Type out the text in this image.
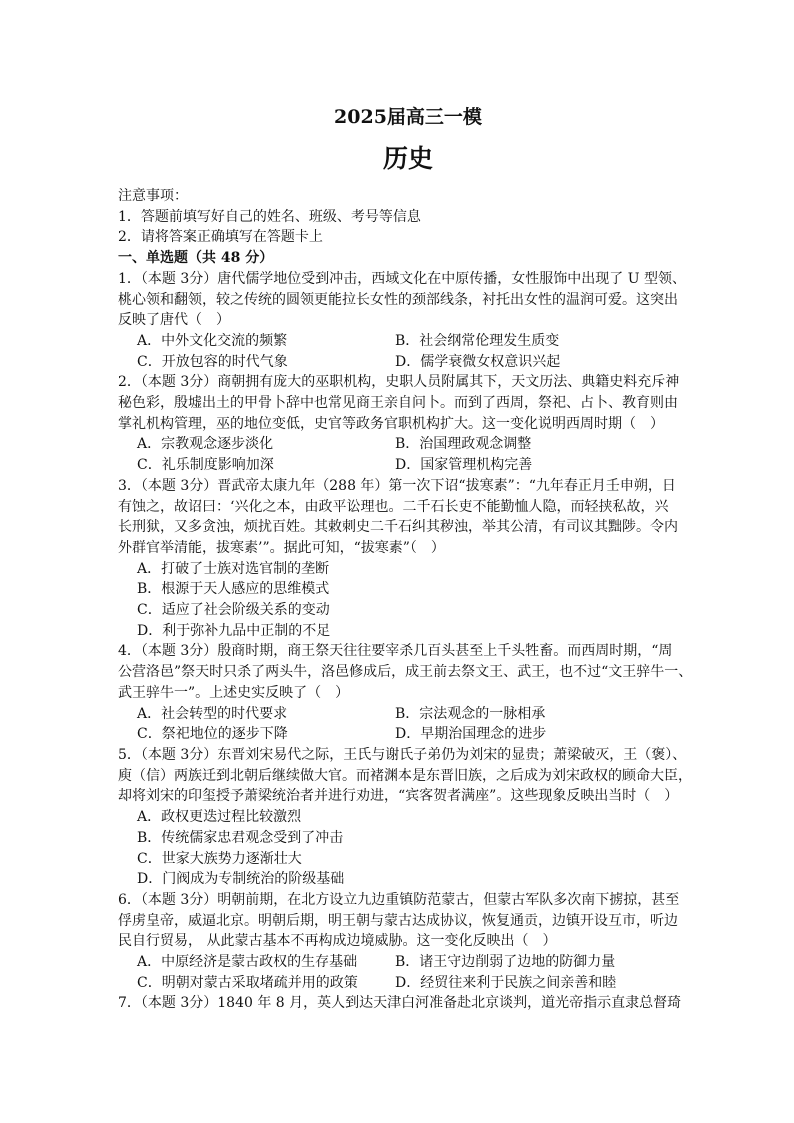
2025届高三一模
历史
注意事项：
1．答题前填写好自己的姓名、班级、考号等信息
2．请将答案正确填写在答题卡上
一、单选题（共 48 分）
1．（本题 3分）唐代儒学地位受到冲击，西域文化在中原传播，女性服饰中出现了 U 型领、
桃心领和翻领，较之传统的圆领更能拉长女性的颈部线条，衬托出女性的温润可爱。这突出
反映了唐代（　）
A．中外文化交流的频繁	B．社会纲常伦理发生质变
C．开放包容的时代气象	D．儒学衰微女权意识兴起
2．（本题 3分）商朝拥有庞大的巫职机构，史职人员附属其下，天文历法、典籍史料充斥神
秘色彩，殷墟出土的甲骨卜辞中也常见商王亲自问卜。而到了西周，祭祀、占卜、教育则由
掌礼机构管理，巫的地位变低，史官等政务官职机构扩大。这一变化说明西周时期（　）
A．宗教观念逐步淡化	B．治国理政观念调整
C．礼乐制度影响加深	D．国家管理机构完善
3．（本题 3分）晋武帝太康九年（288 年）第一次下诏“拔寒素”：“九年春正月壬申朔，日
有蚀之，故诏曰：‘兴化之本，由政平讼理也。二千石长吏不能勤恤人隐，而轻挟私故，兴
长刑狱，又多贪浊，烦扰百姓。其敕刺史二千石纠其秽浊，举其公清，有司议其黜陟。令内
外群官举清能，拔寒素’”。据此可知，“拔寒素”（　）
A．打破了士族对选官制的垄断
B．根源于天人感应的思维模式
C．适应了社会阶级关系的变动
D．利于弥补九品中正制的不足
4．（本题 3分）殷商时期，商王祭天往往要宰杀几百头甚至上千头牲畜。而西周时期，“周
公营洛邑”祭天时只杀了两头牛，洛邑修成后，成王前去祭文王、武王，也不过“文王骍牛一、
武王骍牛一”。上述史实反映了（　）
A．社会转型的时代要求	B．宗法观念的一脉相承
C．祭祀地位的逐步下降	D．早期治国理念的进步
5．（本题 3分）东晋刘宋易代之际，王氏与谢氏子弟仍为刘宋的显贵；萧梁破灭，王（褒）、
庾（信）两族迁到北朝后继续做大官。而褚渊本是东晋旧族，之后成为刘宋政权的顾命大臣，
却将刘宋的印玺授予萧梁统治者并进行劝进，“宾客贺者满座”。这些现象反映出当时（　）
A．政权更迭过程比较激烈
B．传统儒家忠君观念受到了冲击
C．世家大族势力逐渐壮大
D．门阀成为专制统治的阶级基础
6．（本题 3分）明朝前期，在北方设立九边重镇防范蒙古，但蒙古军队多次南下掳掠，甚至
俘虏皇帝，威逼北京。明朝后期，明王朝与蒙古达成协议，恢复通贡，边镇开设互市，听边
民自行贸易， 从此蒙古基本不再构成边境威胁。这一变化反映出（　）
A．中原经济是蒙古政权的生存基础	B．诸王守边削弱了边地的防御力量
C．明朝对蒙古采取堵疏并用的政策	D．经贸往来利于民族之间亲善和睦
7．（本题 3分）1840 年 8 月，英人到达天津白河准备赴北京谈判，道光帝指示直隶总督琦
